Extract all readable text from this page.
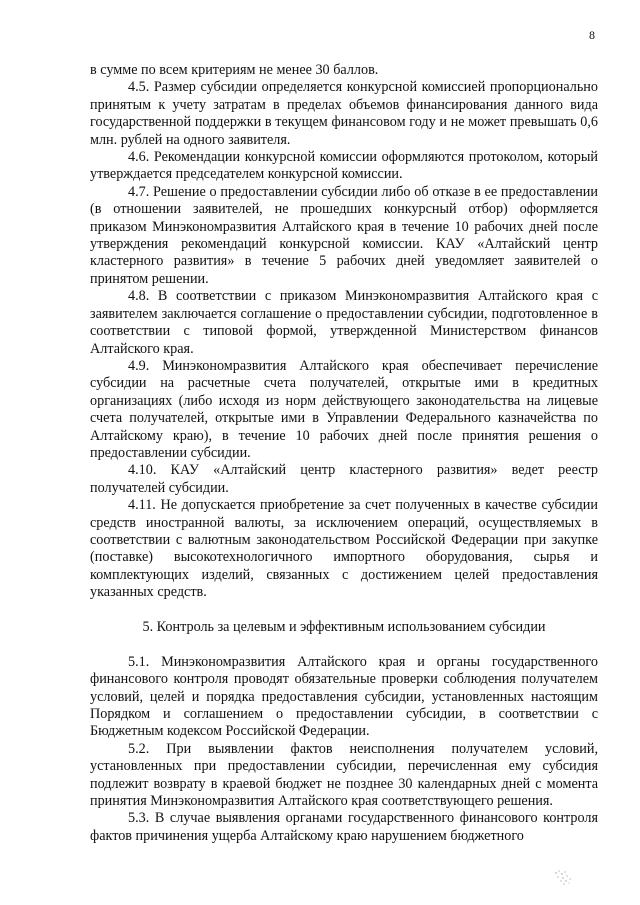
8

в сумме по всем критериям не менее 30 баллов.

4.5. Размер субсидии определяется конкурсной комиссией пропорционально принятым к учету затратам в пределах объемов финансирования данного вида государственной поддержки в текущем финансовом году и не может превышать 0,6 млн. рублей на одного заявителя.

4.6. Рекомендации конкурсной комиссии оформляются протоколом, который утверждается председателем конкурсной комиссии.

4.7. Решение о предоставлении субсидии либо об отказе в ее предоставлении (в отношении заявителей, не прошедших конкурсный отбор) оформляется приказом Минэкономразвития Алтайского края в течение 10 рабочих дней после утверждения рекомендаций конкурсной комиссии. КАУ «Алтайский центр кластерного развития» в течение 5 рабочих дней уведомляет заявителей о принятом решении.

4.8. В соответствии с приказом Минэкономразвития Алтайского края с заявителем заключается соглашение о предоставлении субсидии, подготовленное в соответствии с типовой формой, утвержденной Министерством финансов Алтайского края.

4.9. Минэкономразвития Алтайского края обеспечивает перечисление субсидии на расчетные счета получателей, открытые ими в кредитных организациях (либо исходя из норм действующего законодательства на лицевые счета получателей, открытые ими в Управлении Федерального казначейства по Алтайскому краю), в течение 10 рабочих дней после принятия решения о предоставлении субсидии.

4.10. КАУ «Алтайский центр кластерного развития» ведет реестр получателей субсидии.

4.11. Не допускается приобретение за счет полученных в качестве субсидии средств иностранной валюты, за исключением операций, осуществляемых в соответствии с валютным законодательством Российской Федерации при закупке (поставке) высокотехнологичного импортного оборудования, сырья и комплектующих изделий, связанных с достижением целей предоставления указанных средств.

5. Контроль за целевым и эффективным использованием субсидии

5.1. Минэкономразвития Алтайского края и органы государственного финансового контроля проводят обязательные проверки соблюдения получателем условий, целей и порядка предоставления субсидии, установленных настоящим Порядком и соглашением о предоставлении субсидии, в соответствии с Бюджетным кодексом Российской Федерации.

5.2. При выявлении фактов неисполнения получателем условий, установленных при предоставлении субсидии, перечисленная ему субсидия подлежит возврату в краевой бюджет не позднее 30 календарных дней с момента принятия Минэкономразвития Алтайского края соответствующего решения.

5.3. В случае выявления органами государственного финансового контроля фактов причинения ущерба Алтайскому краю нарушением бюджетного
